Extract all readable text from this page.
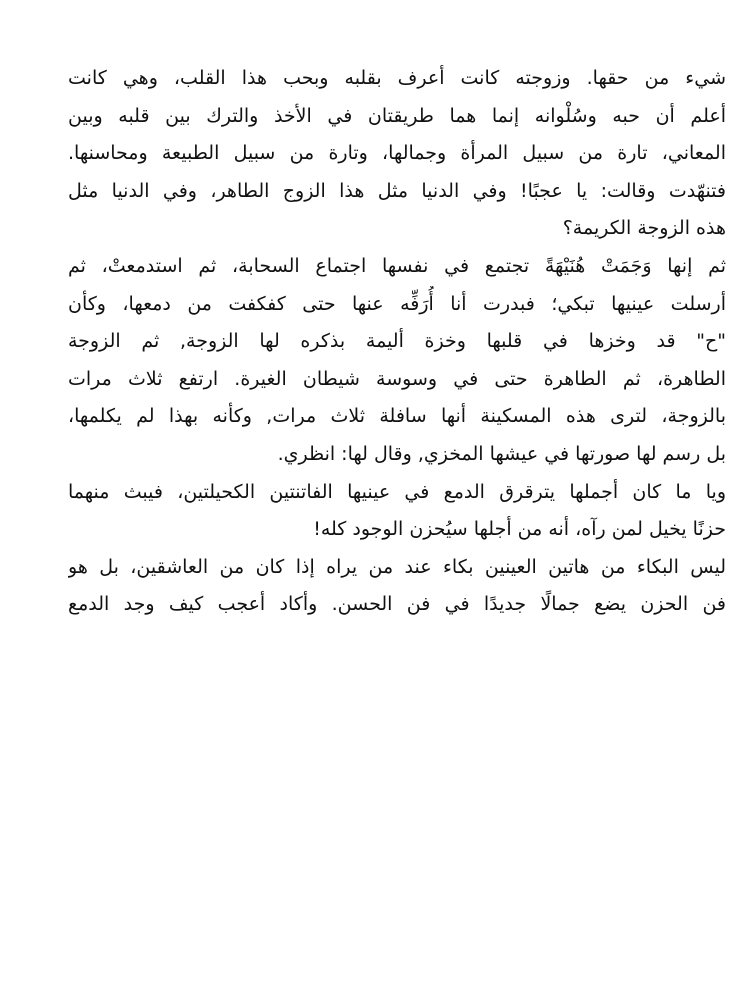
شيء من حقها. وزوجته كانت أعرف بقلبه وبحب هذا القلب، وهي كانت
أعلم أن حبه وسُلْوانه إنما هما طريقتان في الأخذ والترك بين قلبه وبين
المعاني، تارة من سبيل المرأة وجمالها، وتارة من سبيل الطبيعة ومحاسنها.
فتنهّدت وقالت: يا عجبًا! وفي الدنيا مثل هذا الزوج الطاهر، وفي الدنيا مثل
هذه الزوجة الكريمة؟
ثم إنها وَجَمَتْ هُنَيْهَةً تجتمع في نفسها اجتماع السحابة، ثم استدمعتْ، ثم
أرسلت عينيها تبكي؛ فبدرت أنا أُرَفِّه عنها حتى كفكفت من دمعها، وكأن
"ح" قد وخزها في قلبها وخزة أليمة بذكره لها الزوجة, ثم الزوجة
الطاهرة، ثم الطاهرة حتى في وسوسة شيطان الغيرة. ارتفع ثلاث مرات
بالزوجة، لترى هذه المسكينة أنها سافلة ثلاث مرات, وكأنه بهذا لم يكلمها،
بل رسم لها صورتها في عيشها المخزي, وقال لها: انظري.
ويا ما كان أجملها يترقرق الدمع في عينيها الفاتنتين الكحيلتين، فيبث منهما
حزنًا يخيل لمن رآه، أنه من أجلها سيُحزن الوجود كله!
ليس البكاء من هاتين العينين بكاء عند من يراه إذا كان من العاشقين، بل هو
فن الحزن يضع جمالًا جديدًا في فن الحسن. وأكاد أعجب كيف وجد الدمع
